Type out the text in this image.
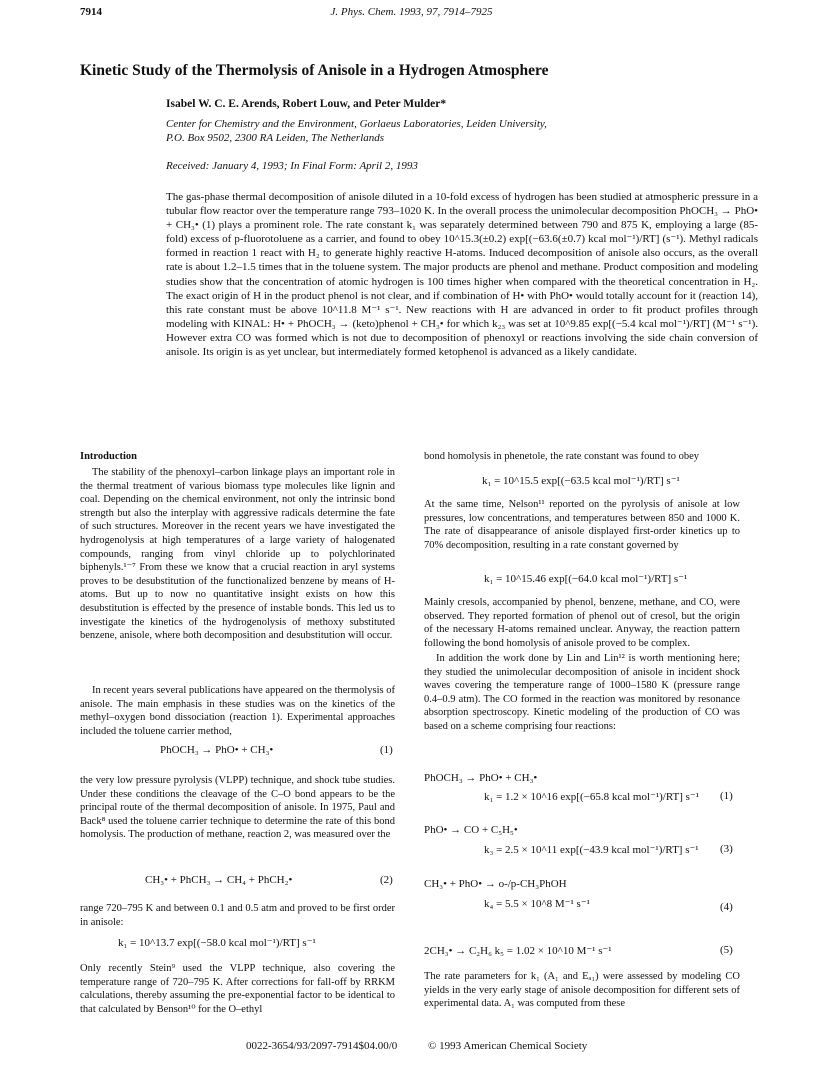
7914	J. Phys. Chem. 1993, 97, 7914–7925
Kinetic Study of the Thermolysis of Anisole in a Hydrogen Atmosphere
Isabel W. C. E. Arends, Robert Louw, and Peter Mulder*
Center for Chemistry and the Environment, Gorlaeus Laboratories, Leiden University,
P.O. Box 9502, 2300 RA Leiden, The Netherlands
Received: January 4, 1993; In Final Form: April 2, 1993
The gas-phase thermal decomposition of anisole diluted in a 10-fold excess of hydrogen has been studied at atmospheric pressure in a tubular flow reactor over the temperature range 793–1020 K. In the overall process the unimolecular decomposition PhOCH₃ → PhO• + CH₃• (1) plays a prominent role. The rate constant k₁ was separately determined between 790 and 875 K, employing a large (85-fold) excess of p-fluorotoluene as a carrier, and found to obey 10^15.3(±0.2) exp[(−63.6(±0.7) kcal mol⁻¹)/RT] (s⁻¹). Methyl radicals formed in reaction 1 react with H₂ to generate highly reactive H-atoms. Induced decomposition of anisole also occurs, as the overall rate is about 1.2–1.5 times that in the toluene system. The major products are phenol and methane. Product composition and modeling studies show that the concentration of atomic hydrogen is 100 times higher when compared with the theoretical concentration in H₂. The exact origin of H in the product phenol is not clear, and if combination of H• with PhO• would totally account for it (reaction 14), this rate constant must be above 10^11.8 M⁻¹ s⁻¹. New reactions with H are advanced in order to fit product profiles through modeling with KINAL: H• + PhOCH₃ → (keto)phenol + CH₃• for which k₂₃ was set at 10^9.85 exp[(−5.4 kcal mol⁻¹)/RT] (M⁻¹ s⁻¹). However extra CO was formed which is not due to decomposition of phenoxyl or reactions involving the side chain conversion of anisole. Its origin is as yet unclear, but intermediately formed ketophenol is advanced as a likely candidate.
Introduction
The stability of the phenoxyl–carbon linkage plays an important role in the thermal treatment of various biomass type molecules like lignin and coal. Depending on the chemical environment, not only the intrinsic bond strength but also the interplay with aggressive radicals determine the fate of such structures. Moreover in the recent years we have investigated the hydrogenolysis at high temperatures of a large variety of halogenated compounds, ranging from vinyl chloride up to polychlorinated biphenyls.¹⁻⁷ From these we know that a crucial reaction in aryl systems proves to be desubstitution of the functionalized benzene by means of H-atoms. But up to now no quantitative insight exists on how this desubstitution is effected by the presence of instable bonds. This led us to investigate the kinetics of the hydrogenolysis of methoxy substituted benzene, anisole, where both decomposition and desubstitution will occur.
In recent years several publications have appeared on the thermolysis of anisole. The main emphasis in these studies was on the kinetics of the methyl–oxygen bond dissociation (reaction 1). Experimental approaches included the toluene carrier method,
PhOCH₃ → PhO• + CH₃•	(1)
the very low pressure pyrolysis (VLPP) technique, and shock tube studies. Under these conditions the cleavage of the C–O bond appears to be the principal route of the thermal decomposition of anisole. In 1975, Paul and Back⁸ used the toluene carrier technique to determine the rate of this bond homolysis. The production of methane, reaction 2, was measured over the
CH₃• + PhCH₃ → CH₄ + PhCH₂•	(2)
range 720–795 K and between 0.1 and 0.5 atm and proved to be first order in anisole:
k₁ = 10^13.7 exp[(−58.0 kcal mol⁻¹)/RT] s⁻¹
Only recently Stein⁹ used the VLPP technique, also covering the temperature range of 720–795 K. After corrections for fall-off by RRKM calculations, thereby assuming the pre-exponential factor to be identical to that calculated by Benson¹⁰ for the O–ethyl
bond homolysis in phenetole, the rate constant was found to obey
k₁ = 10^15.5 exp[(−63.5 kcal mol⁻¹)/RT] s⁻¹
At the same time, Nelson¹¹ reported on the pyrolysis of anisole at low pressures, low concentrations, and temperatures between 850 and 1000 K. The rate of disappearance of anisole displayed first-order kinetics up to 70% decomposition, resulting in a rate constant governed by
k₁ = 10^15.46 exp[(−64.0 kcal mol⁻¹)/RT] s⁻¹
Mainly cresols, accompanied by phenol, benzene, methane, and CO, were observed. They reported formation of phenol out of cresol, but the origin of the necessary H-atoms remained unclear. Anyway, the reaction pattern following the bond homolysis of anisole proved to be complex.
In addition the work done by Lin and Lin¹² is worth mentioning here; they studied the unimolecular decomposition of anisole in incident shock waves covering the temperature range of 1000–1580 K (pressure range 0.4–0.9 atm). The CO formed in the reaction was monitored by resonance absorption spectroscopy. Kinetic modeling of the production of CO was based on a scheme comprising four reactions:
PhOCH₃ → PhO• + CH₃•
k₁ = 1.2 × 10^16 exp[(−65.8 kcal mol⁻¹)/RT] s⁻¹ (1)
PhO• → CO + C₅H₅•
k₃ = 2.5 × 10^11 exp[(−43.9 kcal mol⁻¹)/RT] s⁻¹ (3)
CH₃• + PhO• → o-/p-CH₃PhOH
k₄ = 5.5 × 10^8 M⁻¹ s⁻¹	(4)
2CH₃• → C₂H₆ k₅ = 1.02 × 10^10 M⁻¹ s⁻¹	(5)
The rate parameters for k₁ (A₁ and Eₐ₁) were assessed by modeling CO yields in the very early stage of anisole decomposition for different sets of experimental data. A₁ was computed from these
0022-3654/93/2097-7914$04.00/0	© 1993 American Chemical Society
